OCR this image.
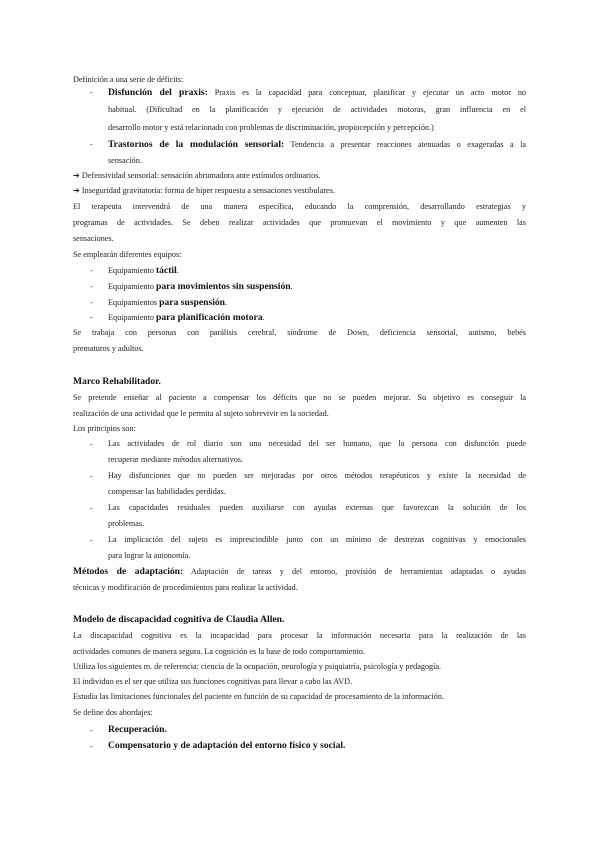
Definición a una serie de déficits:
- Disfunción del praxis: Praxis es la capacidad para conceptuar, planificar y ejecutar un acto motor no
habitual. (Dificultad en la planificación y ejecución de actividades motoras, gran influencia en el
desarrollo motor y está relacionado con problemas de discriminación, propiocepción y percepción.)
- Trastornos de la modulación sensorial: Tendencia a presentar reacciones atenuadas o exageradas a la
sensación.
➔ Defensividad sensorial: sensación abrumadora ante estímulos ordinarios.
➔ Inseguridad gravitatoria: forma de híper respuesta a sensaciones vestibulares.
El terapeuta intervendrá de una manera específica, educando la comprensión, desarrollando estrategias y
programas de actividades. Se deben realizar actividades que promuevan el movimiento y que aumenten las
sensaciones.
Se emplearán diferentes equipos:
- Equipamiento táctil.
- Equipamiento para movimientos sin suspensión.
- Equipamientos para suspensión.
- Equipamiento para planificación motora.
Se trabaja con personas con parálisis cerebral, síndrome de Down, deficiencia sensorial, autismo, bebés
prematuros y adultos.
Marco Rehabilitador.
Se pretende enseñar al paciente a compensar los déficits que no se pueden mejorar. Su objetivo es conseguir la
realización de una actividad que le permita al sujeto sobrevivir en la sociedad.
Los principios son:
- Las actividades de rol diario son una necesidad del ser humano, que la persona con disfunción puede
recuperar mediante métodos alternativos.
- Hay disfunciones que no pueden ser mejoradas por otros métodos terapéuticos y existe la necesidad de
compensar las habilidades perdidas.
- Las capacidades residuales pueden auxiliarse con ayudas externas que favorezcan la solución de los
problemas.
- La implicación del sujeto es imprescindible junto con un mínimo de destrezas cognitivas y emocionales
para lograr la autonomía.
Métodos de adaptación: Adaptación de tareas y del entorno, provisión de herramientas adaptadas o ayudas
técnicas y modificación de procedimientos para realizar la actividad.
Modelo de discapacidad cognitiva de Claudia Allen.
La discapacidad cognitiva es la incapacidad para procesar la información necesaria para la realización de las
actividades comunes de manera segura. La cognición es la base de todo comportamiento.
Utiliza los siguientes m. de referencia: ciencia de la ocupación, neurología y psiquiatría, psicología y pedagogía.
El individuo es el ser que utiliza sus funciones cognitivas para llevar a cabo las AVD.
Estudia las limitaciones funcionales del paciente en función de su capacidad de procesamiento de la información.
Se define dos abordajes:
- Recuperación.
- Compensatorio y de adaptación del entorno físico y social.
